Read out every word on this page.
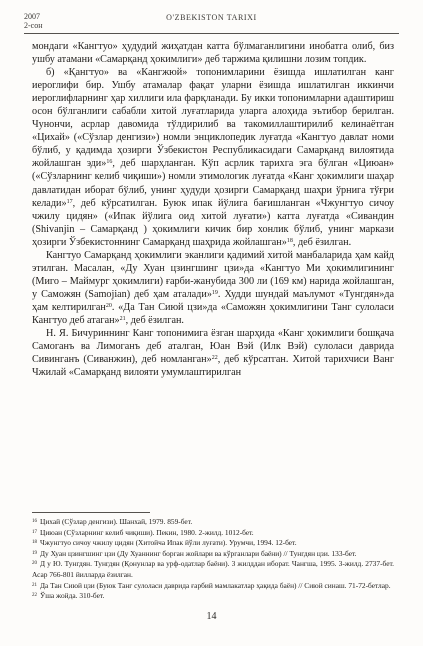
2007
2-сон
O'ZBEKISTON TARIXI

мондаги «Кангтуо» ҳудудий жиҳатдан катта бўлмаганлигини инобатга олиб, биз ушбу атамани «Самарқанд ҳокимлиги» деб таржима қилишни лозим топдик.

б) «Қангтуо» ва «Кангжюй» топонимларини ёзишда ишлатилган канг иероглифи бир. Ушбу атамалар фақат уларни ёзишда ишлатилган иккинчи иероглифларнинг ҳар хиллиги ила фарқланади. Бу икки топонимларни адаштириш осон бўлганлиги сабабли хитой луғатларида уларга алоҳида эътибор берилган. Чунончи, асрлар давомида тўлдирилиб ва такомиллаштирилиб келинаётган «Цихай» («Сўзлар денгизи») номли энциклопедик луғатда «Кангтуо давлат номи бўлиб, у қадимда ҳозирги Ўзбекистон Республикасидаги Самарқанд вилоятида жойлашган эди»$^{16}$, деб шарҳланган. Кўп асрлик тарихга эга бўлган «Циюан» («Сўзларнинг келиб чиқиши») номли этимологик луғатда «Канг ҳокимлиги шаҳар давлатидан иборат бўлиб, унинг ҳудуди ҳозирги Самарқанд шаҳри ўрнига тўғри келади»$^{17}$, деб кўрсатилган. Буюк ипак йўлига бағишланган «Чжунгтуо сичоу чжилу цидян» («Ипак йўлига оид хитой луғати») катта луғатда «Сивандин (Shivanjin – Самарқанд ) ҳокимлиги кичик бир хонлик бўлиб, унинг маркази ҳозирги Ўзбекистоннинг Самарқанд шаҳрида жойлашган»$^{18}$, деб ёзилган.

Кангтуо Самарқанд ҳокимлиги эканлиги қадимий хитой манбаларида ҳам кайд этилган. Масалан, «Ду Хуан цзингшинг цзи»да «Кангтуо Ми ҳокимлигининг (Миго – Маймург ҳокимлиги) ғарби-жанубида 300 ли (169 км) нарида жойлашган, у Саможян (Samojian) деб ҳам аталади»$^{19}$. Худди шундай маълумот «Тунгдян»да ҳам келтирилган$^{20}$. «Да Тан Сиюй цзи»да «Саможян ҳокимлигини Танг сулоласи Кангтуо деб атаган»$^{21}$, деб ёзилган.

Н. Я. Бичуриннинг Канг топонимига ёзган шарҳида «Канг ҳокимлиги бошқача Самоганъ ва Лимоганъ деб аталган, Юан Вэй (Илк Вэй) сулоласи даврида Сивинганъ (Сиванжин), деб номланган»$^{22}$, деб кўрсатган. Хитой тарихчиси Ванг Чжилай «Самарқанд вилояти умумлаштирилган

$^{16}$ Цихай (Сўзлар денгизи). Шанхай, 1979. 859-бет.

$^{17}$ Циюан (Сўзларнинг келиб чиқиши). Пекин, 1980. 2-жилд. 1012-бет.

$^{18}$ Чжунгтуо сичоу чжилу цидян (Хитойча Ипак йўли луғати). Урумчи, 1994. 12-бет.

$^{19}$ Ду Хуан цзингшинг цзи (Ду Хуаннинг борган жойлари ва кўрганлари баёни) // Тунгдян цзи. 133-бет.

$^{20}$ Д у Ю. Тунгдян. Тунгдян (Қонунлар ва урф-одатлар баёни). 3 жилддан иборат. Чангша, 1995. 3-жилд. 2737-бет. Асар 766-801 йилларда ёзилган.

$^{21}$ Да Тан Сиюй цзи (Буюк Танг сулоласи даврида ғарбий мамлакатлар ҳақида баён) // Сиюй синаш. 71-72-бетлар.

$^{22}$ Ўша жойда. 310-бет.

14
